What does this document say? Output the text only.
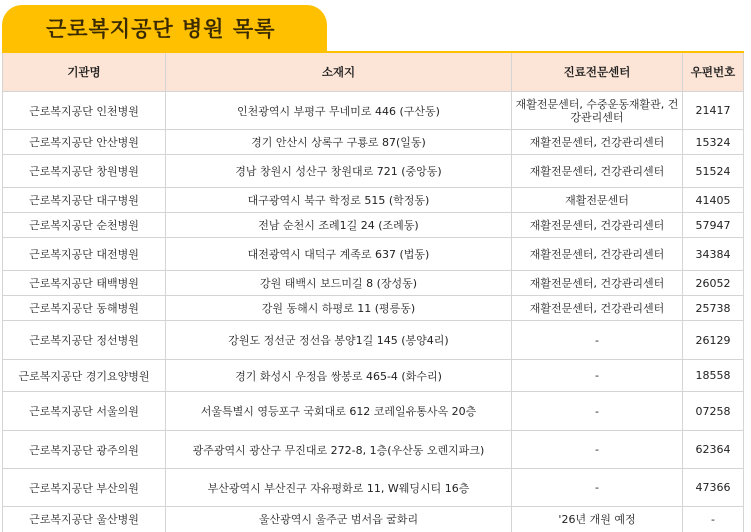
근로복지공단 병원 목록
기관명	소재지	진료전문센터	우편번호
근로복지공단 인천병원	인천광역시 부평구 무네미로 446 (구산동)	재활전문센터, 수중운동재활관, 건강관리센터	21417
근로복지공단 안산병원	경기 안산시 상록구 구룡로 87(일동)	재활전문센터, 건강관리센터	15324
근로복지공단 창원병원	경남 창원시 성산구 창원대로 721 (중앙동)	재활전문센터, 건강관리센터	51524
근로복지공단 대구병원	대구광역시 북구 학정로 515 (학정동)	재활전문센터	41405
근로복지공단 순천병원	전남 순천시 조례1길 24 (조례동)	재활전문센터, 건강관리센터	57947
근로복지공단 대전병원	대전광역시 대덕구 계족로 637 (법동)	재활전문센터, 건강관리센터	34384
근로복지공단 태백병원	강원 태백시 보드미길 8 (장성동)	재활전문센터, 건강관리센터	26052
근로복지공단 동해병원	강원 동해시 하평로 11 (평릉동)	재활전문센터, 건강관리센터	25738
근로복지공단 정선병원	강원도 정선군 정선읍 봉양1길 145 (봉양4리)	-	26129
근로복지공단 경기요양병원	경기 화성시 우정읍 쌍봉로 465-4 (화수리)	-	18558
근로복지공단 서울의원	서울특별시 영등포구 국회대로 612 코레일유통사옥 20층	-	07258
근로복지공단 광주의원	광주광역시 광산구 무진대로 272-8, 1층(우산동 오렌지파크)	-	62364
근로복지공단 부산의원	부산광역시 부산진구 자유평화로 11, W웨딩시티 16층	-	47366
근로복지공단 울산병원	울산광역시 울주군 범서읍 굴화리	'26년 개원 예정	-
